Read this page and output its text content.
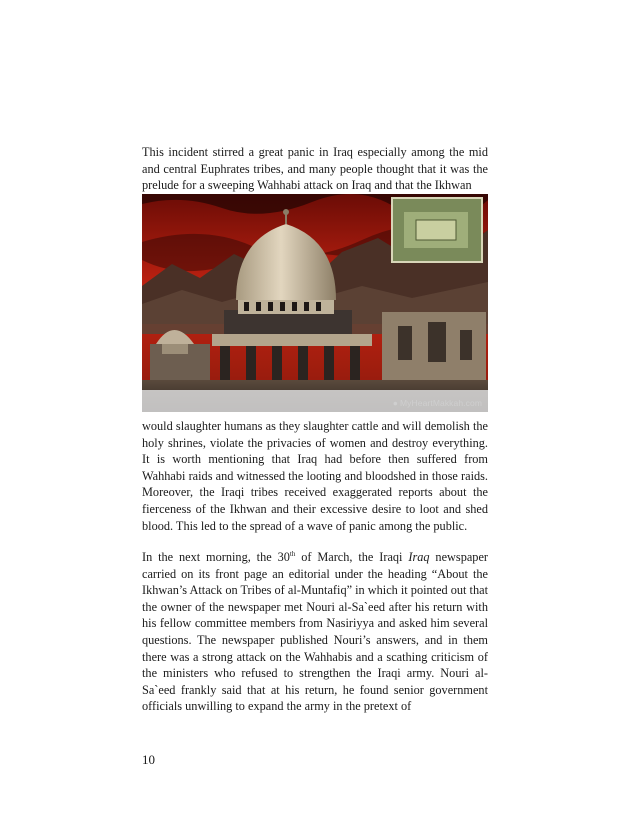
This incident stirred a great panic in Iraq especially among the mid and central Euphrates tribes, and many people thought that it was the prelude for a sweeping Wahhabi attack on Iraq and that the Ikhwan

● MyHeartMakkah.com

would slaughter humans as they slaughter cattle and will demolish the holy shrines, violate the privacies of women and destroy everything. It is worth mentioning that Iraq had before then suffered from Wahhabi raids and witnessed the looting and bloodshed in those raids. Moreover, the Iraqi tribes received exaggerated reports about the fierceness of the Ikhwan and their excessive desire to loot and shed blood. This led to the spread of a wave of panic among the public.

In the next morning, the 30th of March, the Iraqi Iraq newspaper carried on its front page an editorial under the heading “About the Ikhwan’s Attack on Tribes of al-Muntafiq” in which it pointed out that the owner of the newspaper met Nouri al-Sa`eed after his return with his fellow committee members from Nasiriyya and asked him several questions. The newspaper published Nouri’s answers, and in them there was a strong attack on the Wahhabis and a scathing criticism of the ministers who refused to strengthen the Iraqi army. Nouri al-Sa`eed frankly said that at his return, he found senior government officials unwilling to expand the army in the pretext of

10
